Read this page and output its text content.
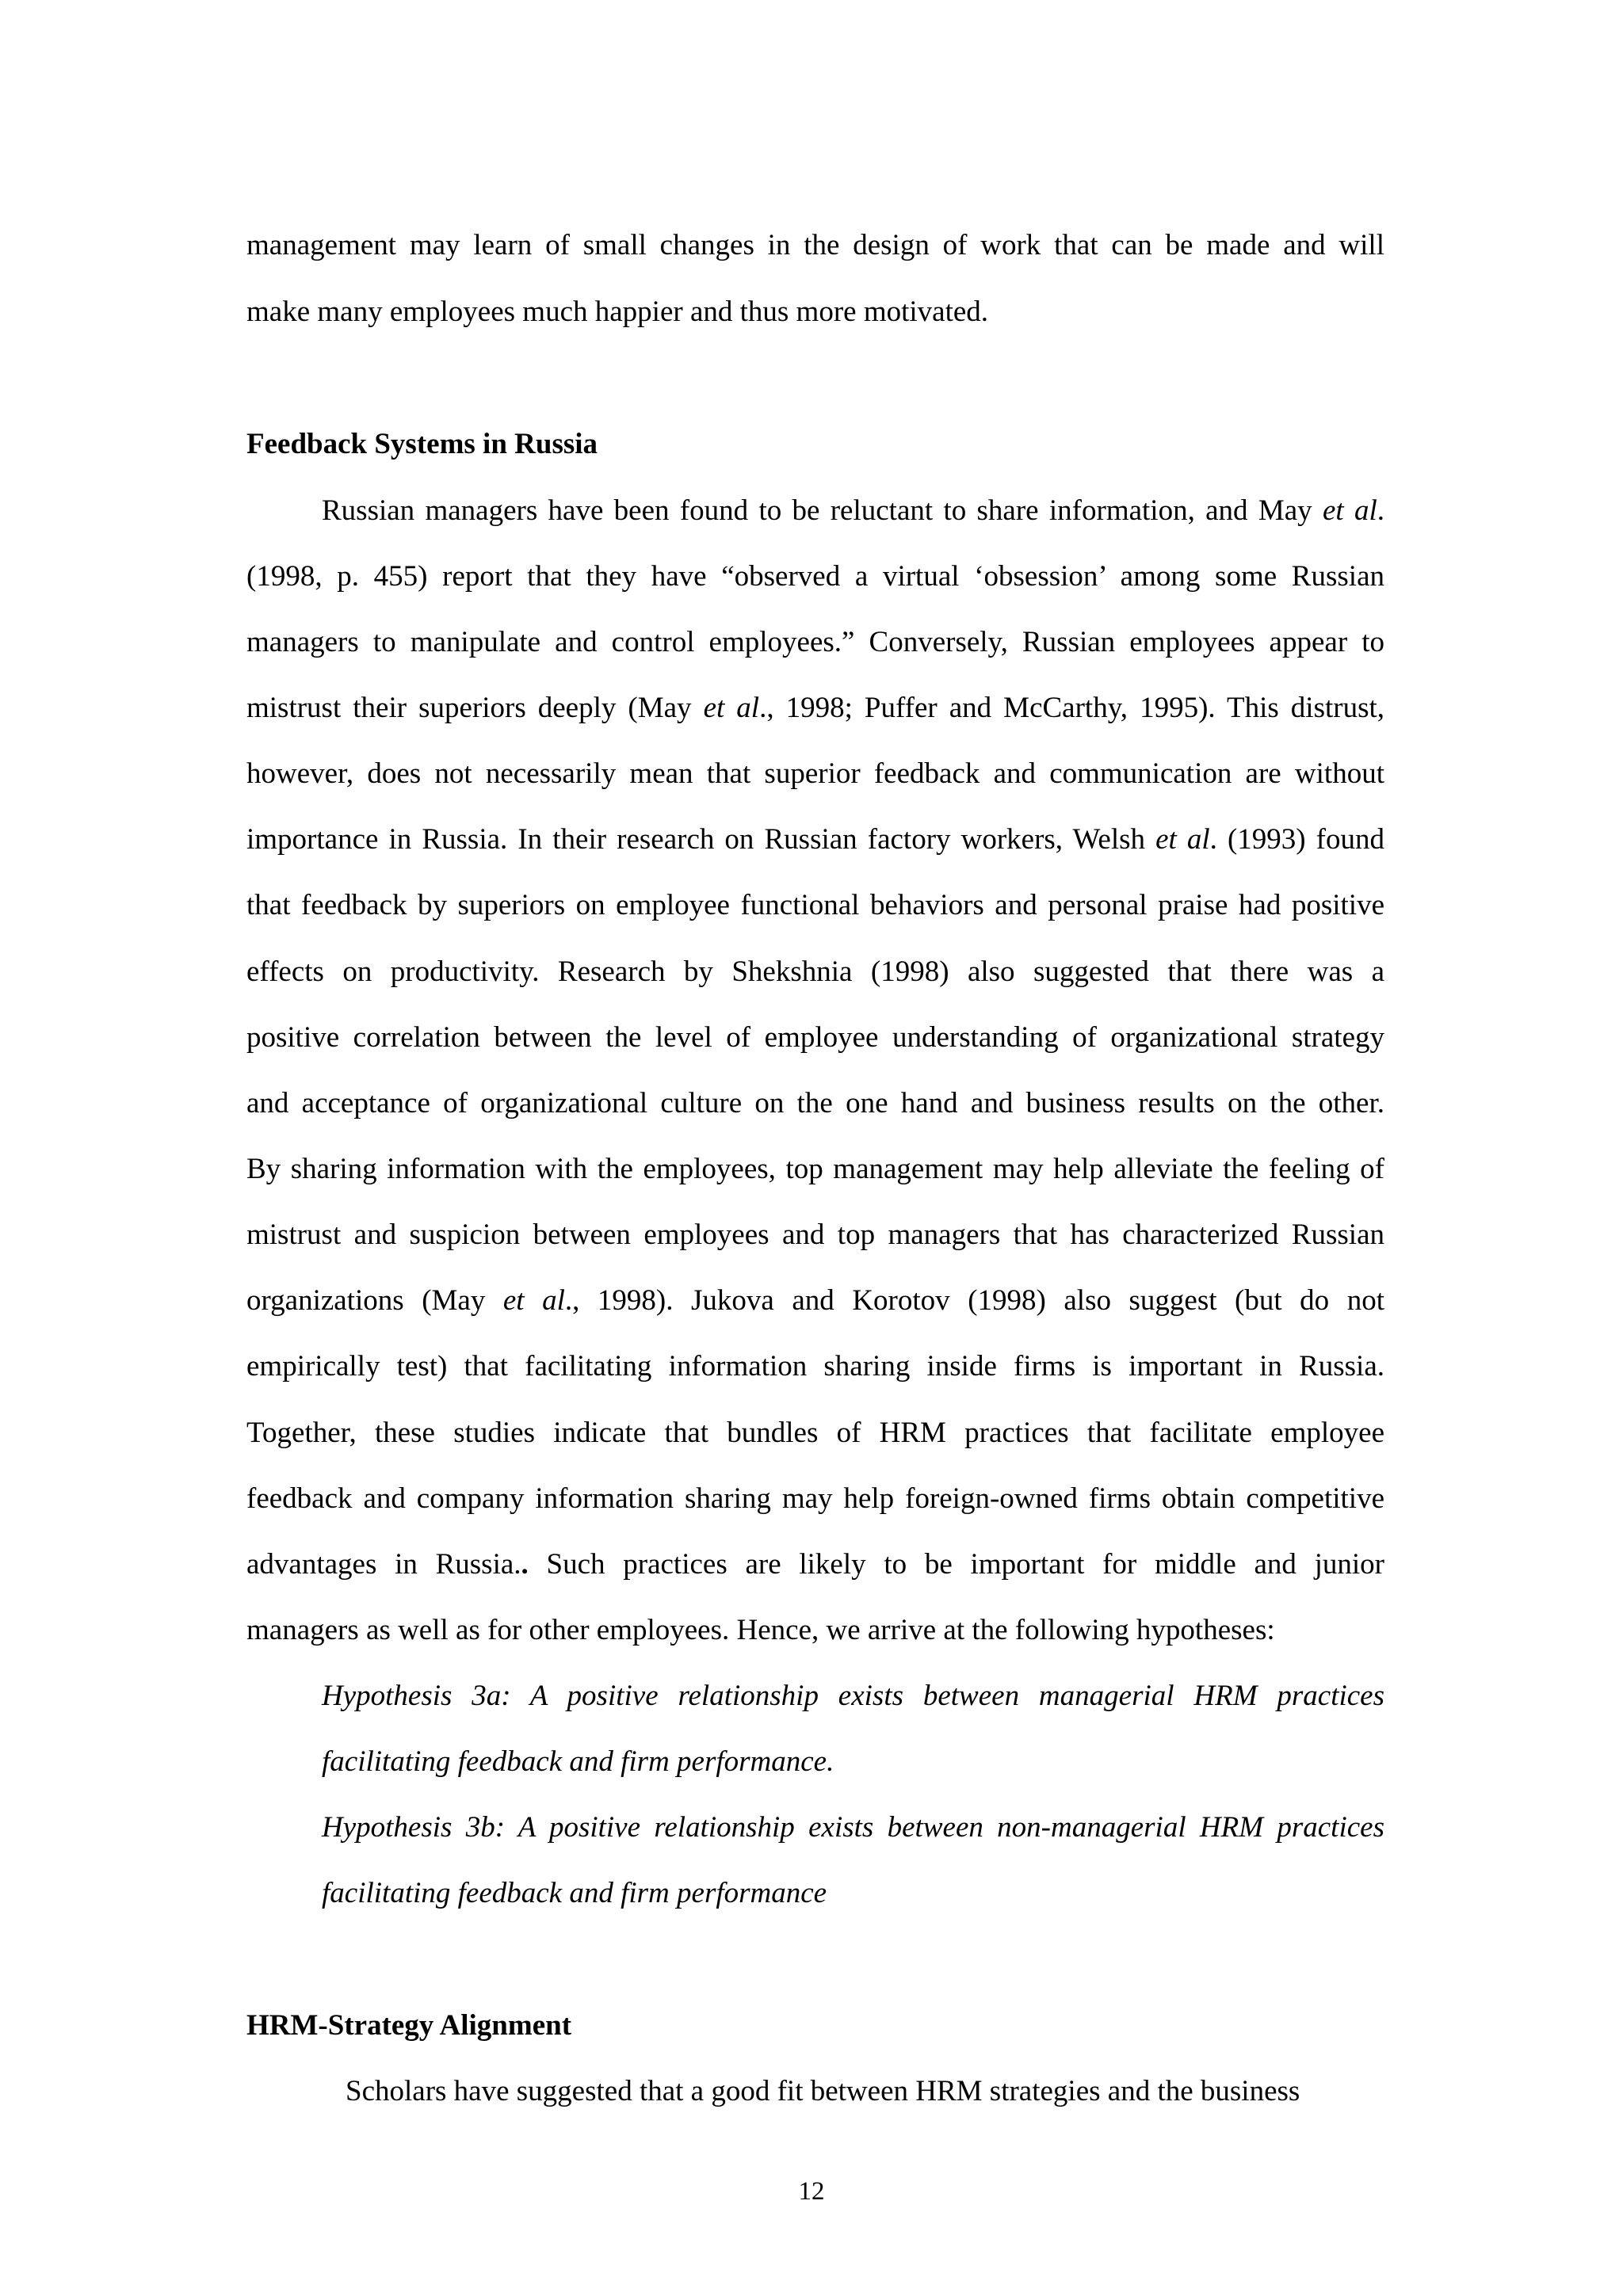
management may learn of small changes in the design of work that can be made and will

make many employees much happier and thus more motivated.

Feedback Systems in Russia

Russian managers have been found to be reluctant to share information, and May et al.

(1998, p. 455) report that they have “observed a virtual ‘obsession’ among some Russian

managers to manipulate and control employees.” Conversely, Russian employees appear to

mistrust their superiors deeply (May et al., 1998; Puffer and McCarthy, 1995). This distrust,

however, does not necessarily mean that superior feedback and communication are without

importance in Russia. In their research on Russian factory workers, Welsh et al. (1993) found

that feedback by superiors on employee functional behaviors and personal praise had positive

effects on productivity. Research by Shekshnia (1998) also suggested that there was a

positive correlation between the level of employee understanding of organizational strategy

and acceptance of organizational culture on the one hand and business results on the other.

By sharing information with the employees, top management may help alleviate the feeling of

mistrust and suspicion between employees and top managers that has characterized Russian

organizations (May et al., 1998). Jukova and Korotov (1998) also suggest (but do not

empirically test) that facilitating information sharing inside firms is important in Russia.

Together, these studies indicate that bundles of HRM practices that facilitate employee

feedback and company information sharing may help foreign-owned firms obtain competitive

advantages in Russia.. Such practices are likely to be important for middle and junior

managers as well as for other employees. Hence, we arrive at the following hypotheses:

Hypothesis 3a: A positive relationship exists between managerial HRM practices

facilitating feedback and firm performance.

Hypothesis 3b: A positive relationship exists between non-managerial HRM practices

facilitating feedback and firm performance

HRM-Strategy Alignment

Scholars have suggested that a good fit between HRM strategies and the business

12
